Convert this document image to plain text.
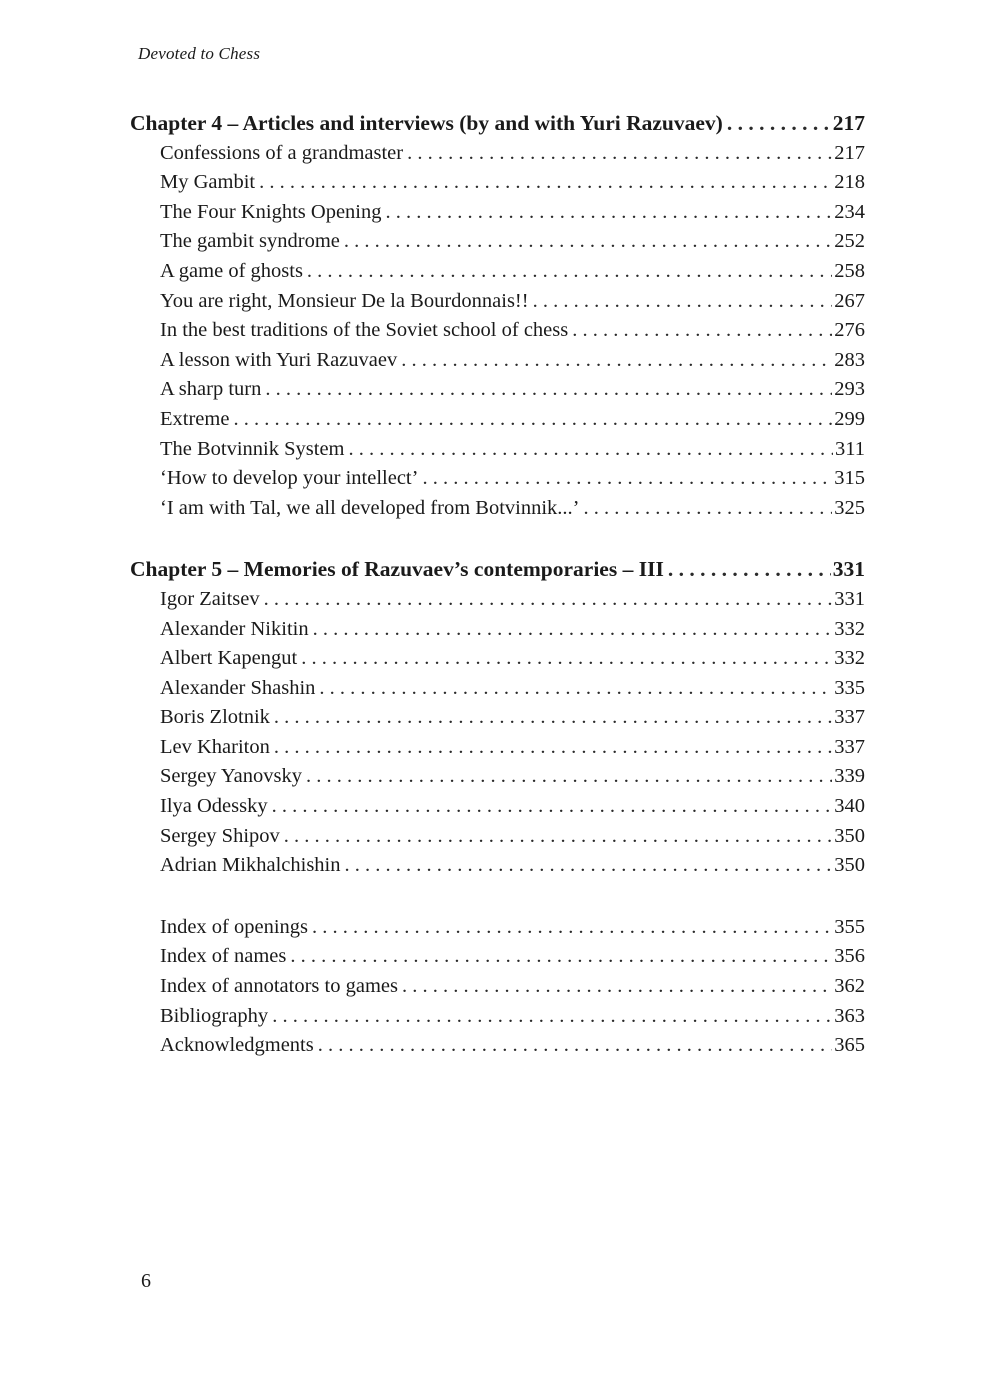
Devoted to Chess
Chapter 4 – Articles and interviews (by and with Yuri Razuvaev) . . .	217
Confessions of a grandmaster . . .	217
My Gambit . . .	218
The Four Knights Opening . . .	234
The gambit syndrome . . .	252
A game of ghosts . . .	258
You are right, Monsieur De la Bourdonnais!! . . .	267
In the best traditions of the Soviet school of chess . . .	276
A lesson with Yuri Razuvaev . . .	283
A sharp turn . . .	293
Extreme . . .	299
The Botvinnik System . . .	311
‘How to develop your intellect’ . . .	315
‘I am with Tal, we all developed from Botvinnik...’ . . .	325
Chapter 5 – Memories of Razuvaev’s contemporaries – III . . .	331
Igor Zaitsev . . .	331
Alexander Nikitin . . .	332
Albert Kapengut . . .	332
Alexander Shashin . . .	335
Boris Zlotnik . . .	337
Lev Khariton . . .	337
Sergey Yanovsky . . .	339
Ilya Odessky . . .	340
Sergey Shipov . . .	350
Adrian Mikhalchishin . . .	350
Index of openings . . .	355
Index of names . . .	356
Index of annotators to games . . .	362
Bibliography . . .	363
Acknowledgments . . .	365
6
